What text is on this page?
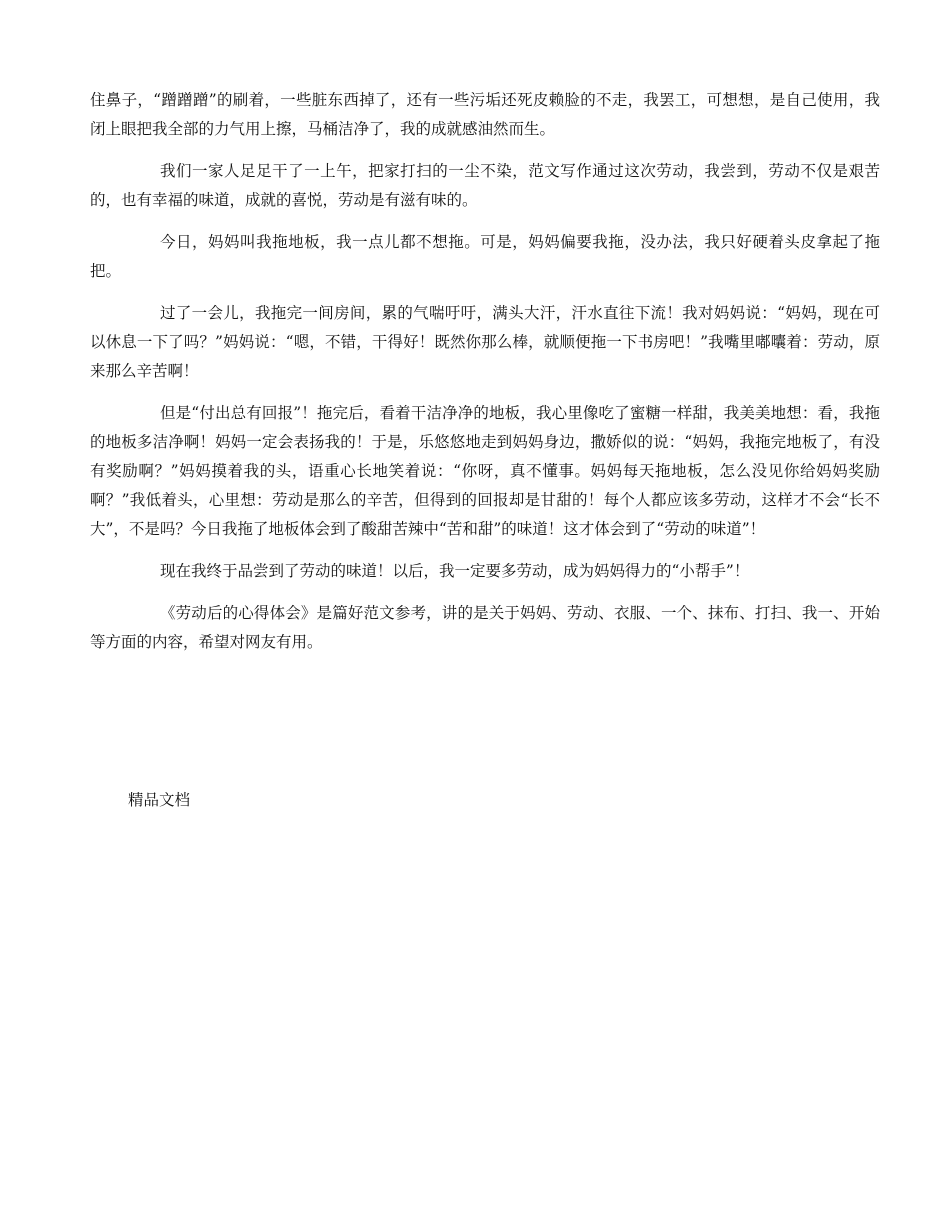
住鼻子，“蹭蹭蹭”的刷着，一些脏东西掉了，还有一些污垢还死皮赖脸的不走，我罢工，可想想，是自己使用，我闭上眼把我全部的力气用上擦，马桶洁净了，我的成就感油然而生。

我们一家人足足干了一上午，把家打扫的一尘不染，范文写作通过这次劳动，我尝到，劳动不仅是艰苦的，也有幸福的味道，成就的喜悦，劳动是有滋有味的。

今日，妈妈叫我拖地板，我一点儿都不想拖。可是，妈妈偏要我拖，没办法，我只好硬着头皮拿起了拖把。

过了一会儿，我拖完一间房间，累的气喘吁吁，满头大汗，汗水直往下流！我对妈妈说：“妈妈，现在可以休息一下了吗？”妈妈说：“嗯，不错，干得好！既然你那么棒，就顺便拖一下书房吧！”我嘴里嘟囔着：劳动，原来那么辛苦啊！

但是“付出总有回报”！拖完后，看着干洁净净的地板，我心里像吃了蜜糖一样甜，我美美地想：看，我拖的地板多洁净啊！妈妈一定会表扬我的！于是，乐悠悠地走到妈妈身边，撒娇似的说：“妈妈，我拖完地板了，有没有奖励啊？”妈妈摸着我的头，语重心长地笑着说：“你呀，真不懂事。妈妈每天拖地板，怎么没见你给妈妈奖励啊？”我低着头，心里想：劳动是那么的辛苦，但得到的回报却是甘甜的！每个人都应该多劳动，这样才不会“长不大”，不是吗？今日我拖了地板体会到了酸甜苦辣中“苦和甜”的味道！这才体会到了“劳动的味道”！

现在我终于品尝到了劳动的味道！以后，我一定要多劳动，成为妈妈得力的“小帮手”！

《劳动后的心得体会》是篇好范文参考，讲的是关于妈妈、劳动、衣服、一个、抹布、打扫、我一、开始等方面的内容，希望对网友有用。

精品文档
